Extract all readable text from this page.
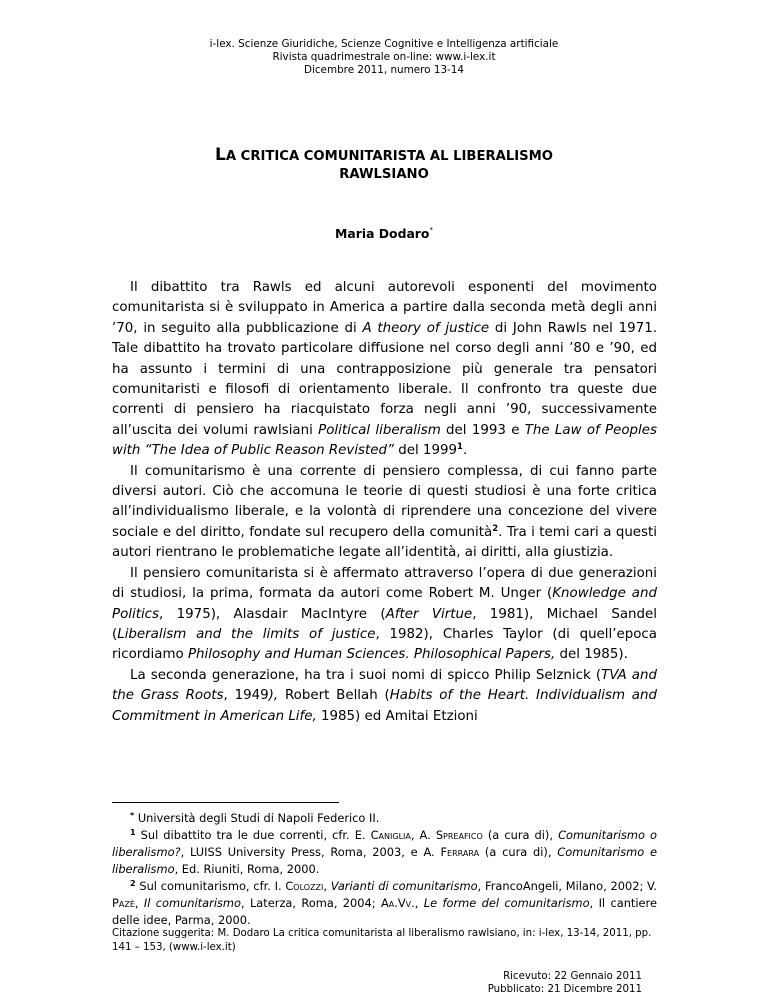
i-lex. Scienze Giuridiche, Scienze Cognitive e Intelligenza artificiale
Rivista quadrimestrale on-line: www.i-lex.it
Dicembre 2011, numero 13-14
LA CRITICA COMUNITARISTA AL LIBERALISMO
RAWLSIANO
Maria Dodaro*

Il dibattito tra Rawls ed alcuni autorevoli esponenti del movimento comunitarista si è sviluppato in America a partire dalla seconda metà degli anni ’70, in seguito alla pubblicazione di A theory of justice di John Rawls nel 1971. Tale dibattito ha trovato particolare diffusione nel corso degli anni ’80 e ’90, ed ha assunto i termini di una contrapposizione più generale tra pensatori comunitaristi e filosofi di orientamento liberale. Il confronto tra queste due correnti di pensiero ha riacquistato forza negli anni ’90, successivamente all’uscita dei volumi rawlsiani Political liberalism del 1993 e The Law of Peoples with “The Idea of Public Reason Revisted” del 1999$^1$.

Il comunitarismo è una corrente di pensiero complessa, di cui fanno parte diversi autori. Ciò che accomuna le teorie di questi studiosi è una forte critica all’individualismo liberale, e la volontà di riprendere una concezione del vivere sociale e del diritto, fondate sul recupero della comunità$^2$. Tra i temi cari a questi autori rientrano le problematiche legate all’identità, ai diritti, alla giustizia.

Il pensiero comunitarista si è affermato attraverso l’opera di due generazioni di studiosi, la prima, formata da autori come Robert M. Unger (Knowledge and Politics, 1975), Alasdair MacIntyre (After Virtue, 1981), Michael Sandel (Liberalism and the limits of justice, 1982), Charles Taylor (di quell’epoca ricordiamo Philosophy and Human Sciences. Philosophical Papers, del 1985).

La seconda generazione, ha tra i suoi nomi di spicco Philip Selznick (TVA and the Grass Roots, 1949), Robert Bellah (Habits of the Heart. Individualism and Commitment in American Life, 1985) ed Amitai Etzioni

* Università degli Studi di Napoli Federico II.

$^1$ Sul dibattito tra le due correnti, cfr. E. Caniglia, A. Spreafico (a cura di), Comunitarismo o liberalismo?, LUISS University Press, Roma, 2003, e A. Ferrara (a cura di), Comunitarismo e liberalismo, Ed. Riuniti, Roma, 2000.

$^2$ Sul comunitarismo, cfr. I. Colozzi, Varianti di comunitarismo, FrancoAngeli, Milano, 2002; V. Pazè, Il comunitarismo, Laterza, Roma, 2004; Aa.Vv., Le forme del comunitarismo, Il cantiere delle idee, Parma, 2000.

Citazione suggerita: M. Dodaro La critica comunitarista al liberalismo rawlsiano, in: i-lex, 13-14, 2011, pp. 141 – 153, (www.i-lex.it)
Ricevuto: 22 Gennaio 2011
Pubblicato: 21 Dicembre 2011
